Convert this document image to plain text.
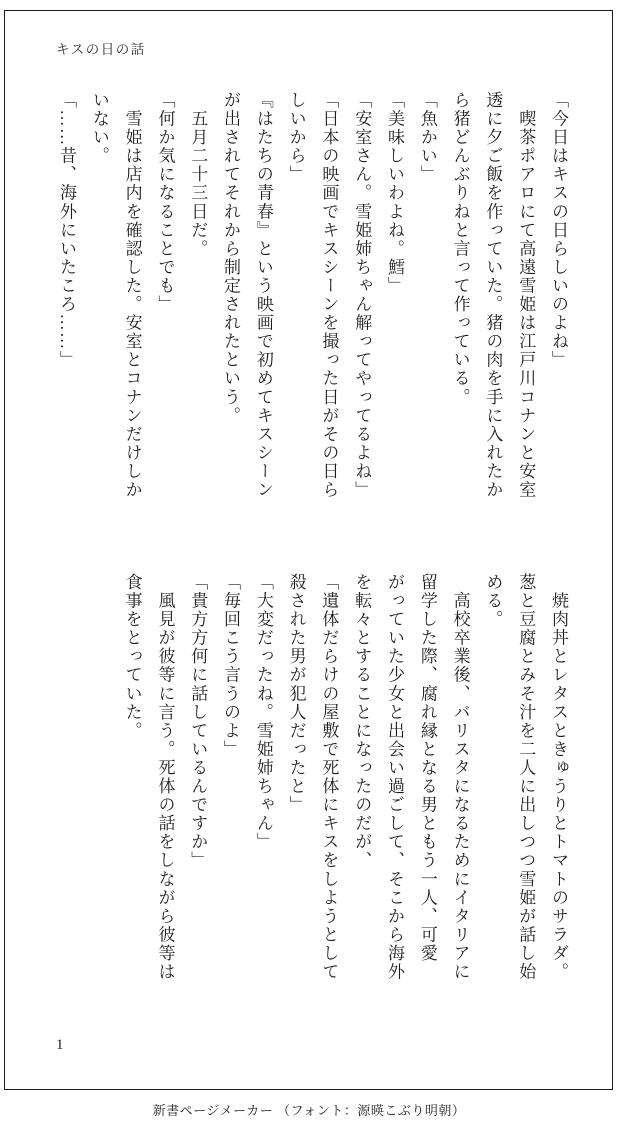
キスの日の話
「今日はキスの日らしいのよね」
　喫茶ポアロにて高遠雪姫は江戸川コナンと安室
透に夕ご飯を作っていた。猪の肉を手に入れたか
ら猪どんぶりねと言って作っている。
「魚かい」
「美味しいわよね。鱈」
「安室さん。雪姫姉ちゃん解ってやってるよね」
「日本の映画でキスシーンを撮った日がその日ら
しいから」
『はたちの青春』という映画で初めてキスシーン
が出されてそれから制定されたという。
　五月二十三日だ。
「何か気になることでも」
　雪姫は店内を確認した。安室とコナンだけしか
いない。
「……昔、海外にいたころ……」
　焼肉丼とレタスときゅうりとトマトのサラダ。
葱と豆腐とみそ汁を二人に出しつつ雪姫が話し始
める。
　高校卒業後、バリスタになるためにイタリアに
留学した際、腐れ縁となる男ともう一人、可愛
がっていた少女と出会い過ごして、そこから海外
を転々とすることになったのだが、
「遺体だらけの屋敷で死体にキスをしようとして
殺された男が犯人だったと」
「大変だったね。雪姫姉ちゃん」
「毎回こう言うのよ」
「貴方方何に話しているんですか」
　風見が彼等に言う。死体の話をしながら彼等は
食事をとっていた。
1
新書ページメーカー （フォント：源暎こぶり明朝）
